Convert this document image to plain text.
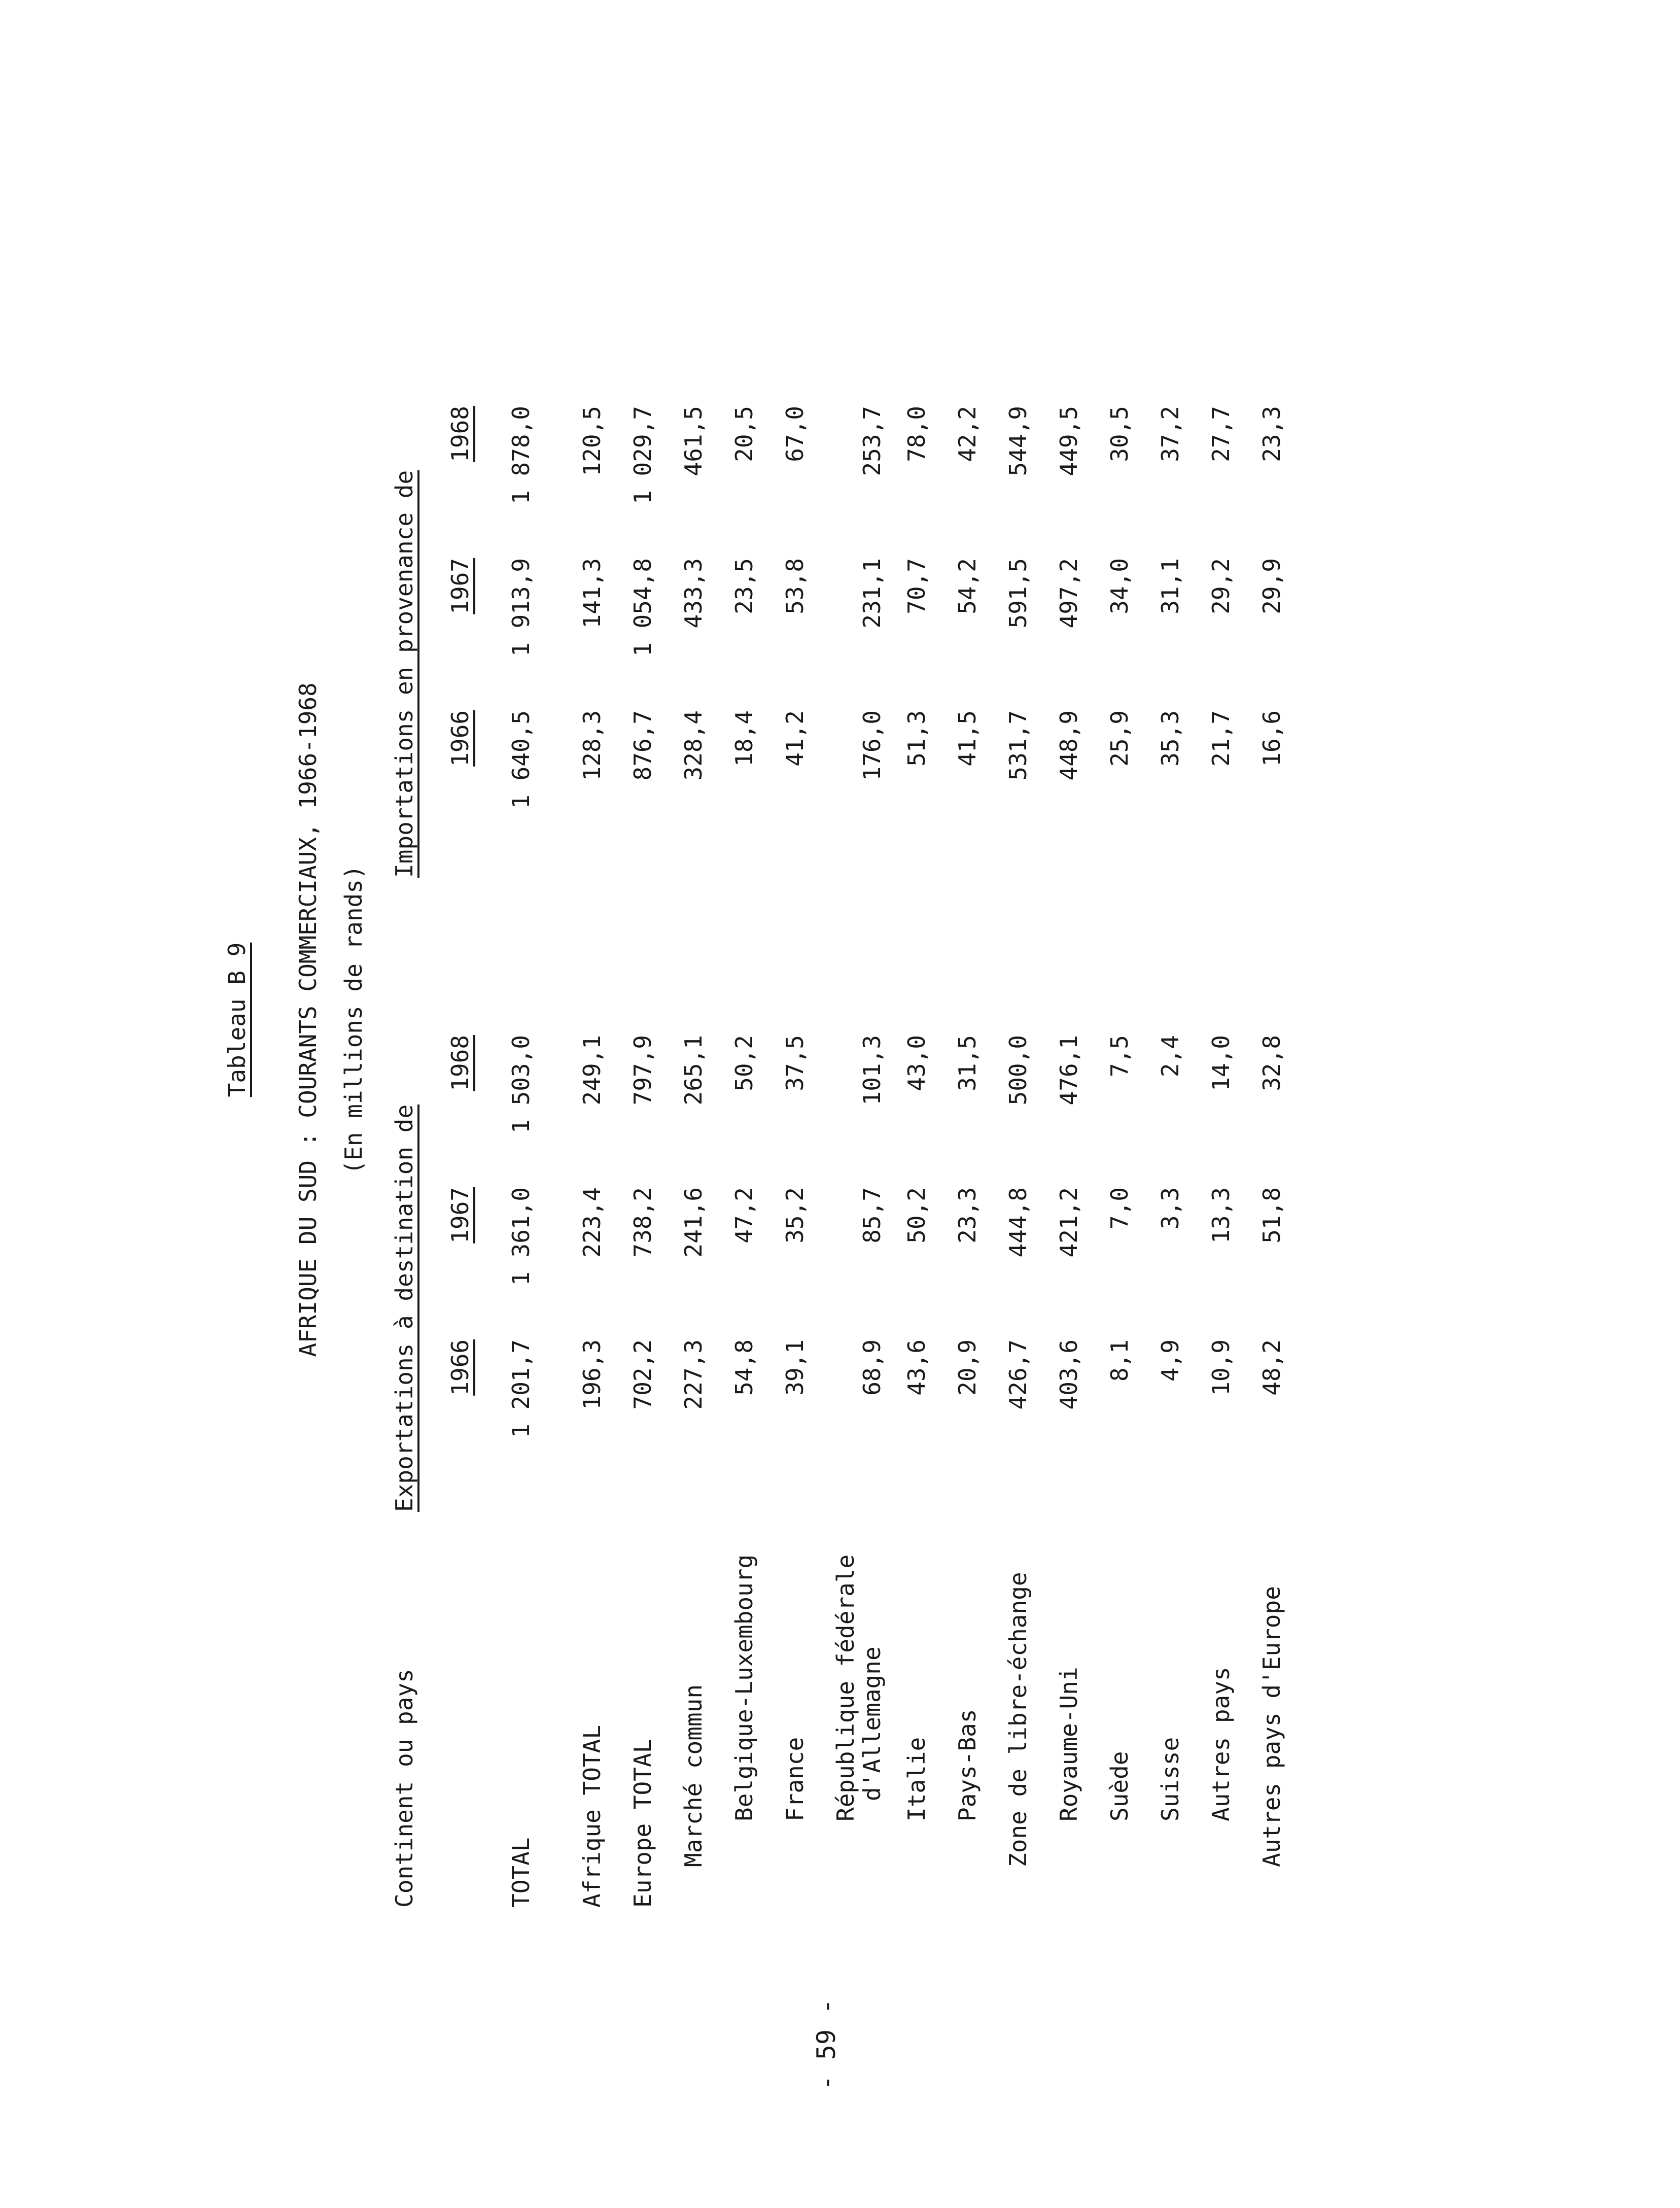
Tableau B 9 AFRIQUE DU SUD : COURANTS COMMERCIAUX, 1966-1968 (En millions de rands)
Continent ou pays
Exportations à destination de
Importations en provenance de
1966
1967
1968
1966
1967
1968
TOTAL
1 201,7
1 361,0
1 503,0
1 640,5
1 913,9
1 878,0
Afrique TOTAL
196,3
223,4
249,1
128,3
141,3
120,5
Europe TOTAL
702,2
738,2
797,9
876,7
1 054,8
1 029,7
Marché commun
227,3
241,6
265,1
328,4
433,3
461,5
Belgique-Luxembourg
54,8
47,2
50,2
18,4
23,5
20,5
France
39,1
35,2
37,5
41,2
53,8
67,0
République fédérale
d'Allemagne
68,9
85,7
101,3
176,0
231,1
253,7
Italie
43,6
50,2
43,0
51,3
70,7
78,0
Pays-Bas
20,9
23,3
31,5
41,5
54,2
42,2
Zone de libre-échange
426,7
444,8
500,0
531,7
591,5
544,9
Royaume-Uni
403,6
421,2
476,1
448,9
497,2
449,5
Suède
8,1
7,0
7,5
25,9
34,0
30,5
Suisse
4,9
3,3
2,4
35,3
31,1
37,2
Autres pays
10,9
13,3
14,0
21,7
29,2
27,7
Autres pays d'Europe
48,2
51,8
32,8
16,6
29,9
23,3
- 59 -
